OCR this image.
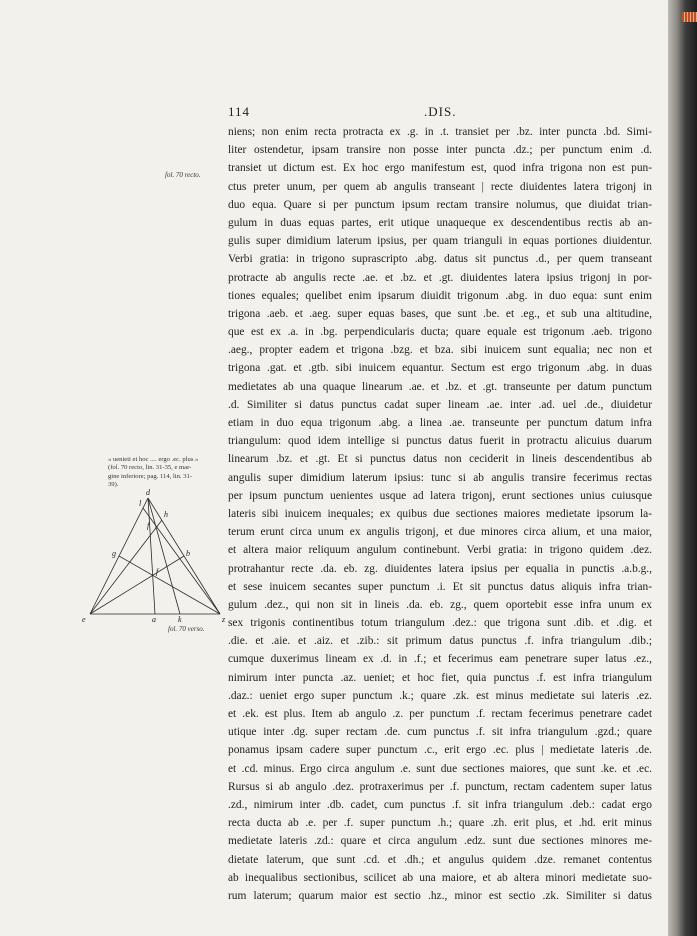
114	.DIS.
fol. 70 recto.
« uenieti et hoc .... ergo .ec. plus »
(fol. 70 recto, lin. 31-35, e mar-
gine inferiore; pag. 114, lin. 31-
39).
d
l
h
f
g	b
f
e	a	k	z
fol. 70 verso.
niens; non enim recta protracta ex .g. in .t. transiet per .bz. inter puncta .bd. Simi-
liter ostendetur, ipsam transire non posse inter puncta .dz.; per punctum enim .d.
transiet ut dictum est. Ex hoc ergo manifestum est, quod infra trigona non est pun-
ctus preter unum, per quem ab angulis transeant | recte diuidentes latera trigonj in
duo equa. Quare si per punctum ipsum rectam transire nolumus, que diuidat trian-
gulum in duas equas partes, erit utique unaqueque ex descendentibus rectis ab an-
gulis super dimidium laterum ipsius, per quam trianguli in equas portiones diuidentur.
Verbi gratia: in trigono suprascripto .abg. datus sit punctus .d., per quem transeant
protracte ab angulis recte .ae. et .bz. et .gt. diuidentes latera ipsius trigonj in por-
tiones equales; quelibet enim ipsarum diuidit trigonum .abg. in duo equa: sunt enim
trigona .aeb. et .aeg. super equas bases, que sunt .be. et .eg., et sub una altitudine,
que est ex .a. in .bg. perpendicularis ducta; quare equale est trigonum .aeb. trigono
.aeg., propter eadem et trigona .bzg. et bza. sibi inuicem sunt equalia; nec non et
trigona .gat. et .gtb. sibi inuicem equantur. Sectum est ergo trigonum .abg. in duas
medietates ab una quaque linearum .ae. et .bz. et .gt. transeunte per datum punctum
.d. Similiter si datus punctus cadat super lineam .ae. inter .ad. uel .de., diuidetur
etiam in duo equa trigonum .abg. a linea .ae. transeunte per punctum datum infra
triangulum: quod idem intellige si punctus datus fuerit in protractu alicuius duarum
linearum .bz. et .gt. Et si punctus datus non ceciderit in lineis descendentibus ab
angulis super dimidium laterum ipsius: tunc si ab angulis transire fecerimus rectas
per ipsum punctum uenientes usque ad latera trigonj, erunt sectiones unius cuiusque
lateris sibi inuicem inequales; ex quibus due sectiones maiores medietate ipsorum la-
terum erunt circa unum ex angulis trigonj, et due minores circa alium, et una maior,
et altera maior reliquum angulum continebunt. Verbi gratia: in trigono quidem .dez.
protrahantur recte .da. eb. zg. diuidentes latera ipsius per equalia in punctis .a.b.g.,
et sese inuicem secantes super punctum .i. Et sit punctus datus aliquis infra trian-
gulum .dez., qui non sit in lineis .da. eb. zg., quem oportebit esse infra unum ex
sex trigonis continentibus totum triangulum .dez.: que trigona sunt .dib. et .dig. et
.die. et .aie. et .aiz. et .zib.: sit primum datus punctus .f. infra triangulum .dib.;
cumque duxerimus lineam ex .d. in .f.; et fecerimus eam penetrare super latus .ez.,
nimirum inter puncta .az. ueniet; et hoc fiet, quia punctus .f. est infra triangulum
.daz.: ueniet ergo super punctum .k.; quare .zk. est minus medietate sui lateris .ez.
et .ek. est plus. Item ab angulo .z. per punctum .f. rectam fecerimus penetrare cadet
utique inter .dg. super rectam .de. cum punctus .f. sit infra triangulum .gzd.; quare
ponamus ipsam cadere super punctum .c., erit ergo .ec. plus | medietate lateris .de.
et .cd. minus. Ergo circa angulum .e. sunt due sectiones maiores, que sunt .ke. et .ec.
Rursus si ab angulo .dez. protraxerimus per .f. punctum, rectam cadentem super latus
.zd., nimirum inter .db. cadet, cum punctus .f. sit infra triangulum .deb.: cadat ergo
recta ducta ab .e. per .f. super punctum .h.; quare .zh. erit plus, et .hd. erit minus
medietate lateris .zd.: quare et circa angulum .edz. sunt due sectiones minores me-
dietate laterum, que sunt .cd. et .dh.; et angulus quidem .dze. remanet contentus
ab inequalibus sectionibus, scilicet ab una maiore, et ab altera minori medietate suo-
rum laterum; quarum maior est sectio .hz., minor est sectio .zk. Similiter si datus
